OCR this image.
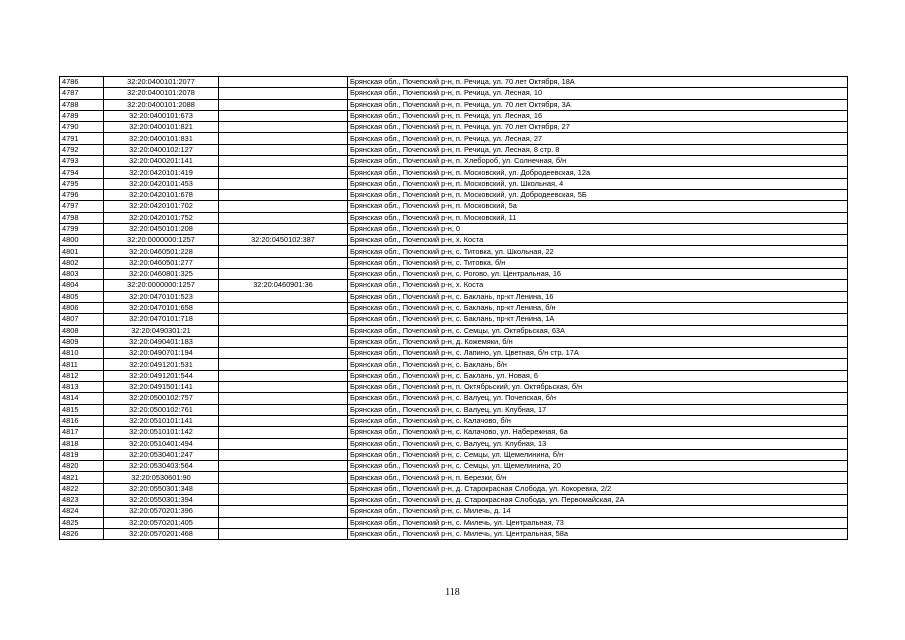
4786	32:20:0400101:2077		Брянская обл., Почепский р-н, п. Речица, ул. 70 лет Октября, 18А
4787	32:20:0400101:2078		Брянская обл., Почепский р-н, п. Речица, ул. Лесная, 10
4788	32:20:0400101:2088		Брянская обл., Почепский р-н, п. Речица, ул. 70 лет Октября, 3А
4789	32:20:0400101:673		Брянская обл., Почепский р-н, п. Речица, ул. Лесная, 16
4790	32:20:0400101:821		Брянская обл., Почепский р-н, п. Речица, ул. 70 лет Октября, 27
4791	32:20:0400101:831		Брянская обл., Почепский р-н, п. Речица, ул. Лесная, 27
4792	32:20:0400102:127		Брянская обл., Почепский р-н, п. Речица, ул. Лесная, 8 стр. 8
4793	32:20:0400201:141		Брянская обл., Почепский р-н, п. Хлебороб, ул. Солнечная, б/н
4794	32:20:0420101:419		Брянская обл., Почепский р-н, п. Московский, ул. Добродеевская, 12а
4795	32:20:0420101:453		Брянская обл., Почепский р-н, п. Московский, ул. Школьная, 4
4796	32:20:0420101:678		Брянская обл., Почепский р-н, п. Московский, ул. Добродеевская, 5Б
4797	32:20:0420101:702		Брянская обл., Почепский р-н, п. Московский, 5а
4798	32:20:0420101:752		Брянская обл., Почепский р-н, п. Московский, 11
4799	32:20:0450101:208		Брянская обл., Почепский р-н, 0
4800	32:20:0000000:1257	32:20:0450102:387	Брянская обл., Почепский р-н, х. Коста
4801	32:20:0460501:228		Брянская обл., Почепский р-н, с. Титовка, ул. Школьная, 22
4802	32:20:0460501:277		Брянская обл., Почепский р-н, с. Титовка, б/н
4803	32:20:0460801:325		Брянская обл., Почепский р-н, с. Рогово, ул. Центральная, 16
4804	32:20:0000000:1257	32:20:0460901:36	Брянская обл., Почепский р-н, х. Коста
4805	32:20:0470101:523		Брянская обл., Почепский р-н, с. Баклань, пр-кт Ленина, 16
4806	32:20:0470101:658		Брянская обл., Почепский р-н, с. Баклань, пр-кт Ленина, б/н
4807	32:20:0470101:718		Брянская обл., Почепский р-н, с. Баклань, пр-кт Ленина, 1А
4808	32:20:0490301:21		Брянская обл., Почепский р-н, с. Семцы, ул. Октябрьская, 63А
4809	32:20:0490401:183		Брянская обл., Почепский р-н, д. Кожемяки, б/н
4810	32:20:0490701:194		Брянская обл., Почепский р-н, с. Лапино, ул. Цветная, б/н стр. 17А
4811	32:20:0491201:531		Брянская обл., Почепский р-н, с. Баклань, б/н
4812	32:20:0491201:544		Брянская обл., Почепский р-н, с. Баклань, ул. Новая, 6
4813	32:20:0491501:141		Брянская обл., Почепский р-н, п. Октябрьский, ул. Октябрьская, б/н
4814	32:20:0500102:757		Брянская обл., Почепский р-н, с. Валуец, ул. Почепская, б/н
4815	32:20:0500102:761		Брянская обл., Почепский р-н, с. Валуец, ул. Клубная, 17
4816	32:20:0510101:141		Брянская обл., Почепский р-н, с. Калачово, б/н
4817	32:20:0510101:142		Брянская обл., Почепский р-н, с. Калачово, ул. Набережная, 6а
4818	32:20:0510401:494		Брянская обл., Почепский р-н, с. Валуец, ул. Клубная, 13
4819	32:20:0530401:247		Брянская обл., Почепский р-н, с. Семцы, ул. Щемелинина, б/н
4820	32:20:0530403:564		Брянская обл., Почепский р-н, с. Семцы, ул. Щемелинина, 20
4821	32:20:0530601:90		Брянская обл., Почепский р-н, п. Березки, б/н
4822	32:20:0550301:348		Брянская обл., Почепский р-н, д. Старокрасная Слобода, ул. Кокоревка, 2/2
4823	32:20:0550301:394		Брянская обл., Почепский р-н, д. Старокрасная Слобода, ул. Первомайская, 2А
4824	32:20:0570201:396		Брянская обл., Почепский р-н, с. Милечь, д. 14
4825	32:20:0570201:405		Брянская обл., Почепский р-н, с. Милечь, ул. Центральная, 73
4826	32:20:0570201:468		Брянская обл., Почепский р-н, с. Милечь, ул. Центральная, 58а
118
